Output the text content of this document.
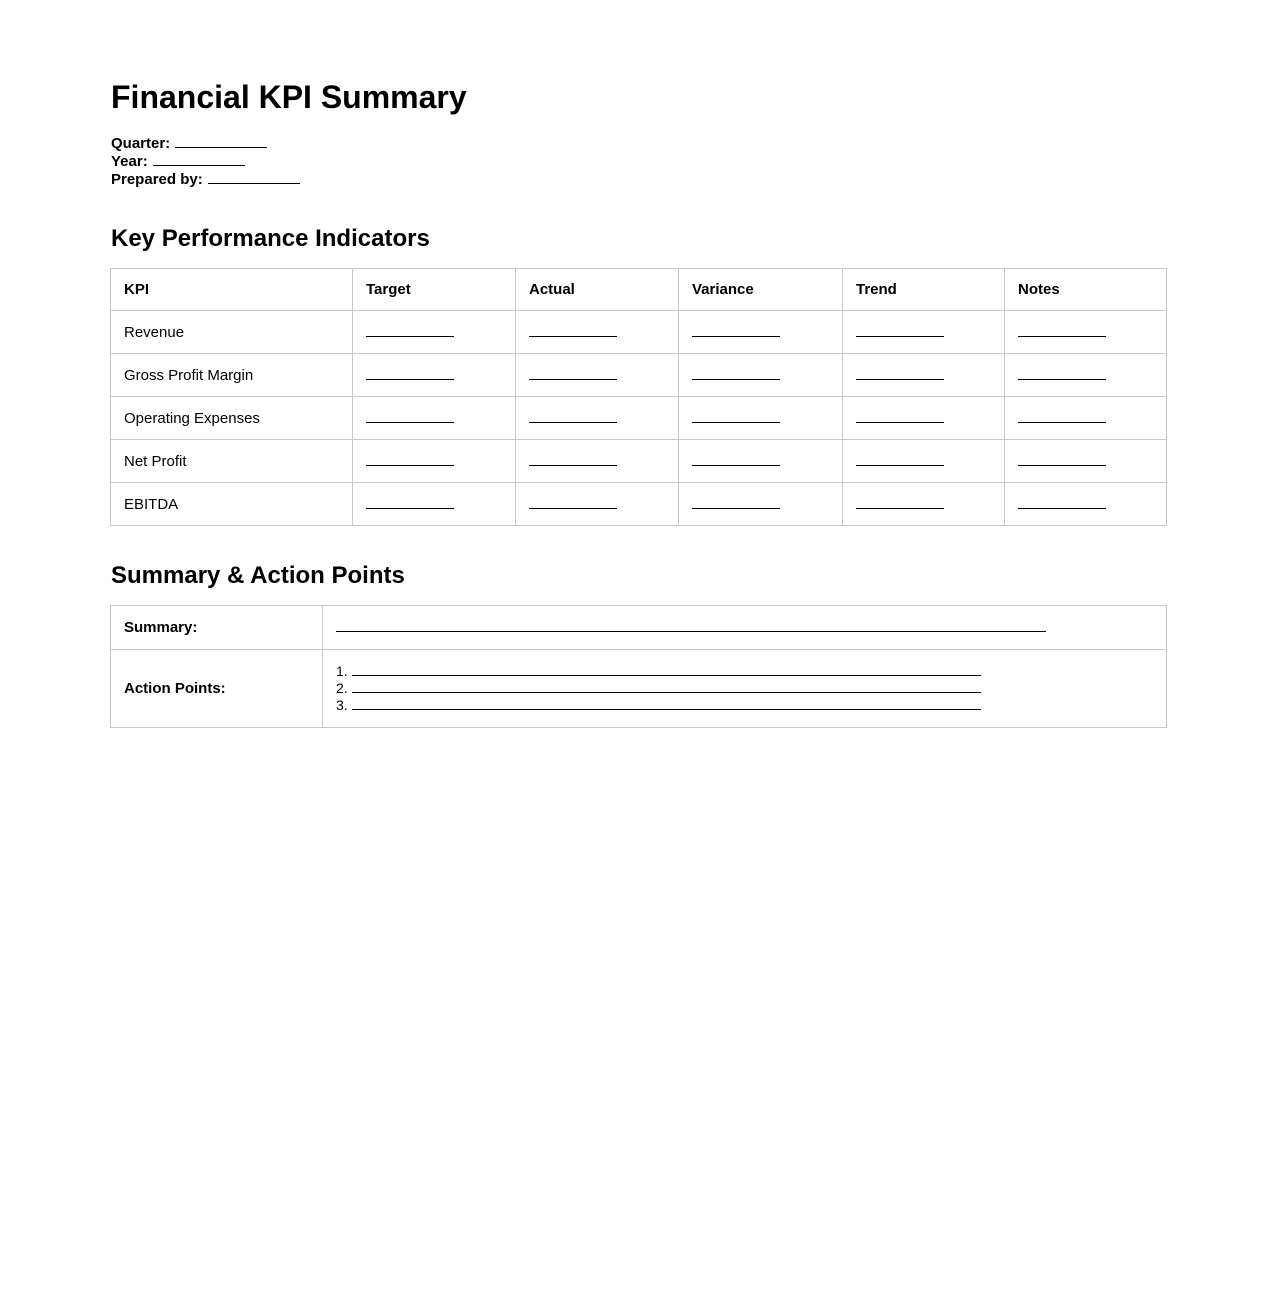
Financial KPI Summary
Quarter:
Year:
Prepared by:
Key Performance Indicators
KPI	Target	Actual	Variance	Trend	Notes
Revenue					
Gross Profit Margin					
Operating Expenses					
Net Profit					
EBITDA					
Summary & Action Points
Summary:	
Action Points:	1.
2.
3.
